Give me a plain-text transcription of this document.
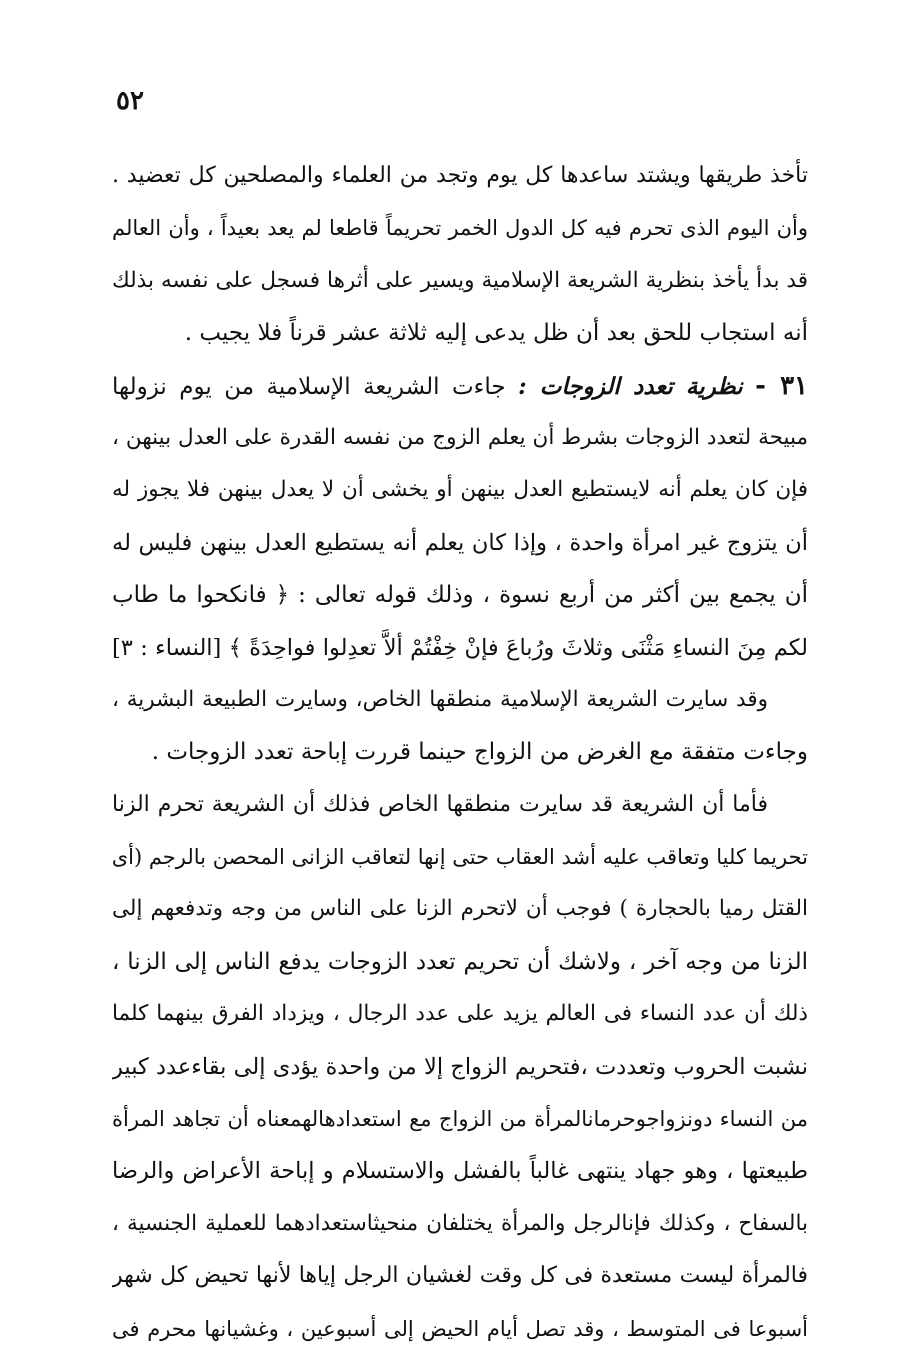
٥٢
تأخذ طريقها ويشتد ساعدها كل يوم وتجد من العلماء والمصلحين كل تعضيد .
وأن اليوم الذى تحرم فيه كل الدول الخمر تحريماً قاطعا لم يعد بعيداً ، وأن العالم
قد بدأ يأخذ بنظرية الشريعة الإسلامية ويسير على أثرها فسجل على نفسه بذلك
أنه استجاب للحق بعد أن ظل يدعى إليه ثلاثة عشر قرناً فلا يجيب .
٣١ - نظرية تعدد الزوجات : جاءت الشريعة الإسلامية من يوم نزولها
مبيحة لتعدد الزوجات بشرط أن يعلم الزوج من نفسه القدرة على العدل بينهن ،
فإن كان يعلم أنه لايستطيع العدل بينهن أو يخشى أن لا يعدل بينهن فلا يجوز له
أن يتزوج غير امرأة واحدة ، وإذا كان يعلم أنه يستطيع العدل بينهن فليس له
أن يجمع بين أكثر من أربع نسوة ، وذلك قوله تعالى : ﴿ فانكحوا ما طاب
لكم مِنَ النساءِ مَثْنَى وثلاثَ ورُباعَ فإنْ خِفْتُمْ ألاَّ تعدِلوا فواحِدَةً ﴾ [النساء : ٣]
وقد سايرت الشريعة الإسلامية منطقها الخاص، وسايرت الطبيعة البشرية ،
وجاءت متفقة مع الغرض من الزواج حينما قررت إباحة تعدد الزوجات .
فأما أن الشريعة قد سايرت منطقها الخاص فذلك أن الشريعة تحرم الزنا
تحريما كليا وتعاقب عليه أشد العقاب حتى إنها لتعاقب الزانى المحصن بالرجم (أى
القتل رميا بالحجارة ) فوجب أن لاتحرم الزنا على الناس من وجه وتدفعهم إلى
الزنا من وجه آخر ، ولاشك أن تحريم تعدد الزوجات يدفع الناس إلى الزنا ،
ذلك أن عدد النساء فى العالم يزيد على عدد الرجال ، ويزداد الفرق بينهما كلما
نشبت الحروب وتعددت ،فتحريم الزواج إلا من واحدة يؤدى إلى بقاءعدد كبير
من النساء دونزواجوحرمانالمرأة من الزواج مع استعدادهالهمعناه أن تجاهد المرأة
طبيعتها ، وهو جهاد ينتهى غالباً بالفشل والاستسلام و إباحة الأعراض والرضا
بالسفاح ، وكذلك فإنالرجل والمرأة يختلفان منحيثاستعدادهما للعملية الجنسية ،
فالمرأة ليست مستعدة فى كل وقت لغشيان الرجل إياها لأنها تحيض كل شهر
أسبوعا فى المتوسط ، وقد تصل أيام الحيض إلى أسبوعين ، وغشيانها محرم فى
